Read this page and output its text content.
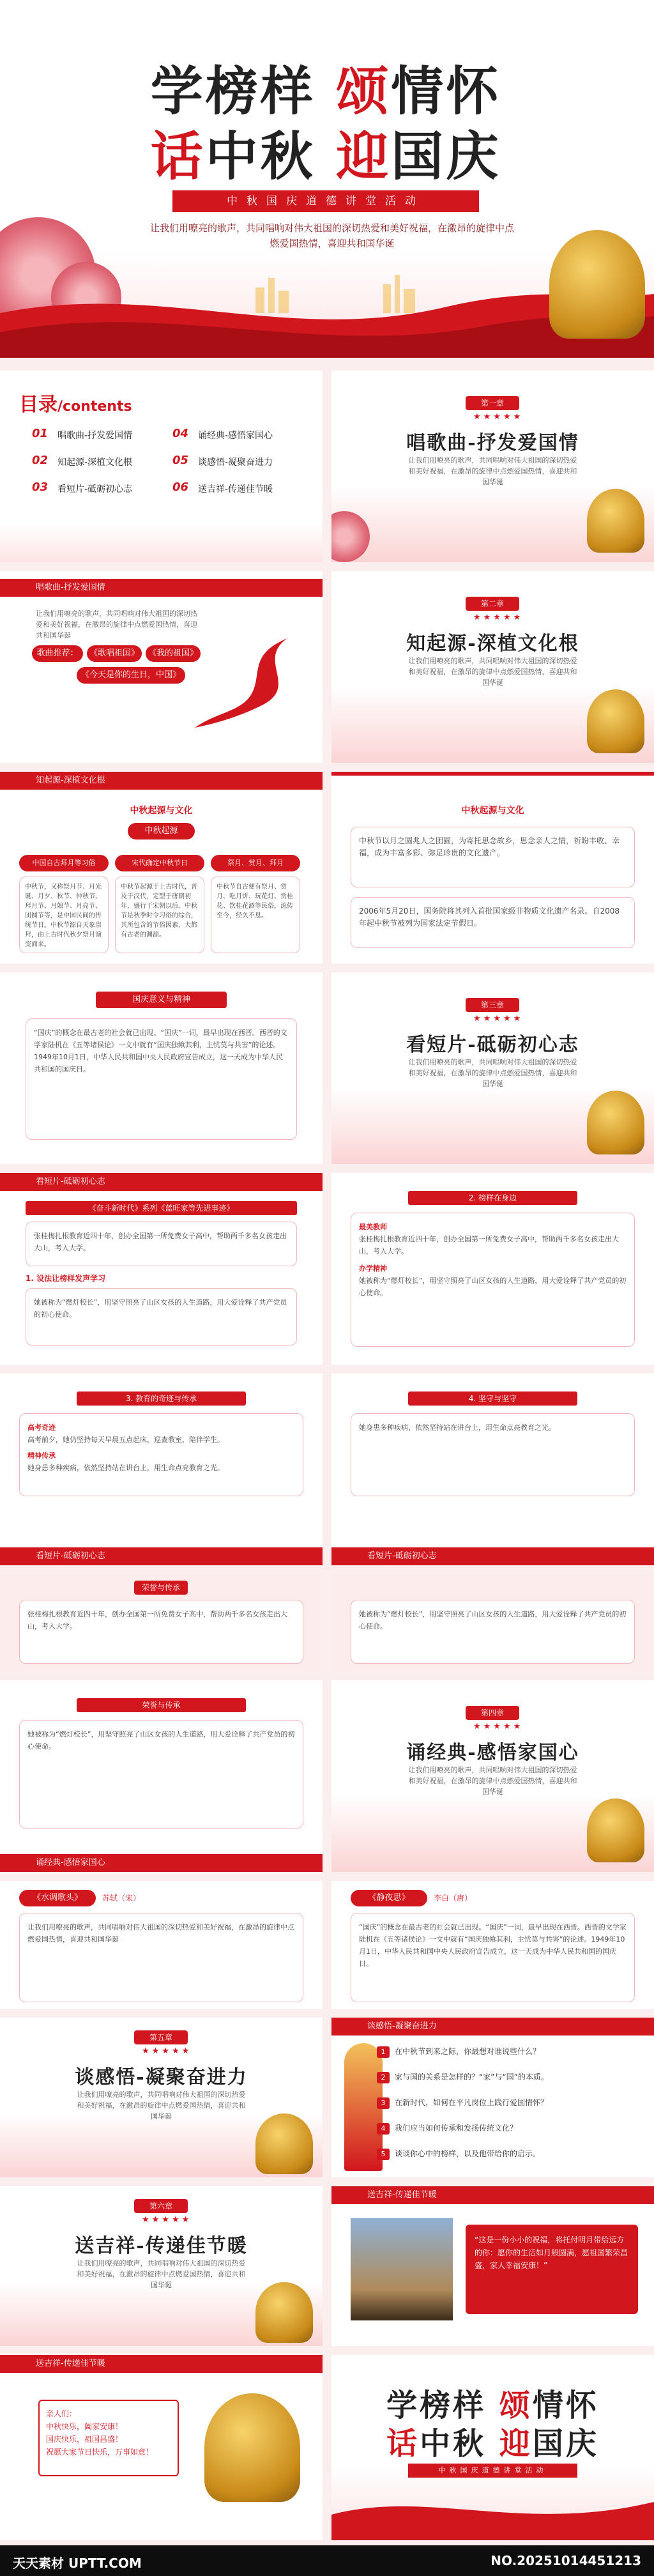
学榜样 颂情怀
话中秋 迎国庆
中秋国庆道德讲堂活动
让我们用嘹亮的歌声，共同唱响对伟大祖国的深切热爱和美好祝福，在激昂的旋律中点燃爱国热情，喜迎共和国华诞
目录/contents
01 唱歌曲-抒发爱国情
02 知起源-深植文化根
03 看短片-砥砺初心志
04 诵经典-感悟家国心
05 谈感悟-凝聚奋进力
06 送吉祥-传递佳节暖
第一章
★★★★★
唱歌曲-抒发爱国情
让我们用嘹亮的歌声，共同唱响对伟大祖国的深切热爱和美好祝福，在激昂的旋律中点燃爱国热情，喜迎共和国华诞
唱歌曲-抒发爱国情
让我们用嘹亮的歌声，共同唱响对伟大祖国的深切热爱和美好祝福，在激昂的旋律中点燃爱国热情，喜迎共和国华诞
歌曲推荐：	《歌唱祖国》	《我的祖国》
《今天是你的生日，中国》
第二章
★★★★★
知起源-深植文化根
让我们用嘹亮的歌声，共同唱响对伟大祖国的深切热爱和美好祝福，在激昂的旋律中点燃爱国热情，喜迎共和国华诞
知起源-深植文化根
中秋起源与文化
中秋起源
中国自古拜月等习俗	宋代确定中秋节日	祭月、赏月、拜月
中秋节，又称祭月节、月光诞、月夕、秋节、仲秋节、拜月节、月娘节、月亮节、团圆节等，是中国民间的传统节日。中秋节源自天象崇拜，由上古时代秋夕祭月演变而来。
中秋节起源于上古时代，普及于汉代，定型于唐朝初年，盛行于宋朝以后。中秋节是秋季时令习俗的综合，其所包含的节俗因素，大都有古老的渊源。
中秋节自古便有祭月、赏月、吃月饼、玩花灯、赏桂花、饮桂花酒等民俗，流传至今，经久不息。
中秋起源与文化
中秋节以月之圆兆人之团圆，为寄托思念故乡，思念亲人之情，祈盼丰收、幸福，成为丰富多彩、弥足珍贵的文化遗产。
2006年5月20日，国务院将其列入首批国家级非物质文化遗产名录。自2008年起中秋节被列为国家法定节假日。
国庆意义与精神
“国庆”的概念在最古老的社会就已出现。“国庆”一词，最早出现在西晋。西晋的文学家陆机在《五等诸侯论》一文中就有“国庆独飨其利，主忧莫与共害”的论述。1949年10月1日，中华人民共和国中央人民政府宣告成立，这一天成为中华人民共和国的国庆日。
第三章
★★★★★
看短片-砥砺初心志
让我们用嘹亮的歌声，共同唱响对伟大祖国的深切热爱和美好祝福，在激昂的旋律中点燃爱国热情，喜迎共和国华诞
看短片-砥砺初心志
《奋斗新时代》系列《蓝旺家等先进事迹》
张桂梅扎根教育近四十年，创办全国第一所免费女子高中，帮助两千多名女孩走出大山，考入大学。
1. 设法让榜样发声学习
她被称为“燃灯校长”，用坚守照亮了山区女孩的人生道路，用大爱诠释了共产党员的初心使命。
2. 榜样在身边
最美教师
张桂梅扎根教育近四十年，创办全国第一所免费女子高中，帮助两千多名女孩走出大山，考入大学。
办学精神
她被称为“燃灯校长”，用坚守照亮了山区女孩的人生道路，用大爱诠释了共产党员的初心使命。
3. 教育的奇迹与传承
高考奇迹
高考前夕，她仍坚持每天早晨五点起床，巡查教室，陪伴学生。
精神传承
她身患多种疾病，依然坚持站在讲台上，用生命点亮教育之光。
看短片-砥砺初心志
4. 坚守与坚守
她身患多种疾病，依然坚持站在讲台上，用生命点亮教育之光。
看短片-砥砺初心志
荣誉与传承
张桂梅扎根教育近四十年，创办全国第一所免费女子高中，帮助两千多名女孩走出大山，考入大学。
她被称为“燃灯校长”，用坚守照亮了山区女孩的人生道路，用大爱诠释了共产党员的初心使命。
第四章
★★★★★
诵经典-感悟家国心
让我们用嘹亮的歌声，共同唱响对伟大祖国的深切热爱和美好祝福，在激昂的旋律中点燃爱国热情，喜迎共和国华诞
荣誉与传承
她被称为“燃灯校长”，用坚守照亮了山区女孩的人生道路，用大爱诠释了共产党员的初心使命。
诵经典-感悟家国心
《水调歌头》	苏轼（宋）
让我们用嘹亮的歌声，共同唱响对伟大祖国的深切热爱和美好祝福，在激昂的旋律中点燃爱国热情，喜迎共和国华诞
《静夜思》	李白（唐）
“国庆”的概念在最古老的社会就已出现。“国庆”一词，最早出现在西晋。西晋的文学家陆机在《五等诸侯论》一文中就有“国庆独飨其利，主忧莫与共害”的论述。1949年10月1日，中华人民共和国中央人民政府宣告成立，这一天成为中华人民共和国的国庆日。
第五章
★★★★★
谈感悟-凝聚奋进力
让我们用嘹亮的歌声，共同唱响对伟大祖国的深切热爱和美好祝福，在激昂的旋律中点燃爱国热情，喜迎共和国华诞
谈感悟-凝聚奋进力
1 在中秋节到来之际，你最想对谁说些什么？
2 家与国的关系是怎样的？“家”与“国”的本质。
3 在新时代，如何在平凡岗位上践行爱国情怀？
4 我们应当如何传承和发扬传统文化？
5 谈谈你心中的榜样，以及他带给你的启示。
第六章
★★★★★
送吉祥-传递佳节暖
让我们用嘹亮的歌声，共同唱响对伟大祖国的深切热爱和美好祝福，在激昂的旋律中点燃爱国热情，喜迎共和国华诞
送吉祥-传递佳节暖
“这是一份小小的祝福，将托付明月带给远方的你：愿你的生活如月般圆满，愿祖国繁荣昌盛，家人幸福安康！”
送吉祥-传递佳节暖
亲人们：
中秋快乐，阖家安康！
国庆快乐，祖国昌盛！
祝愿大家节日快乐，万事如意！
学榜样 颂情怀
话中秋 迎国庆
中秋国庆道德讲堂活动
天天素材 UPTT.COM	NO.20251014451213
